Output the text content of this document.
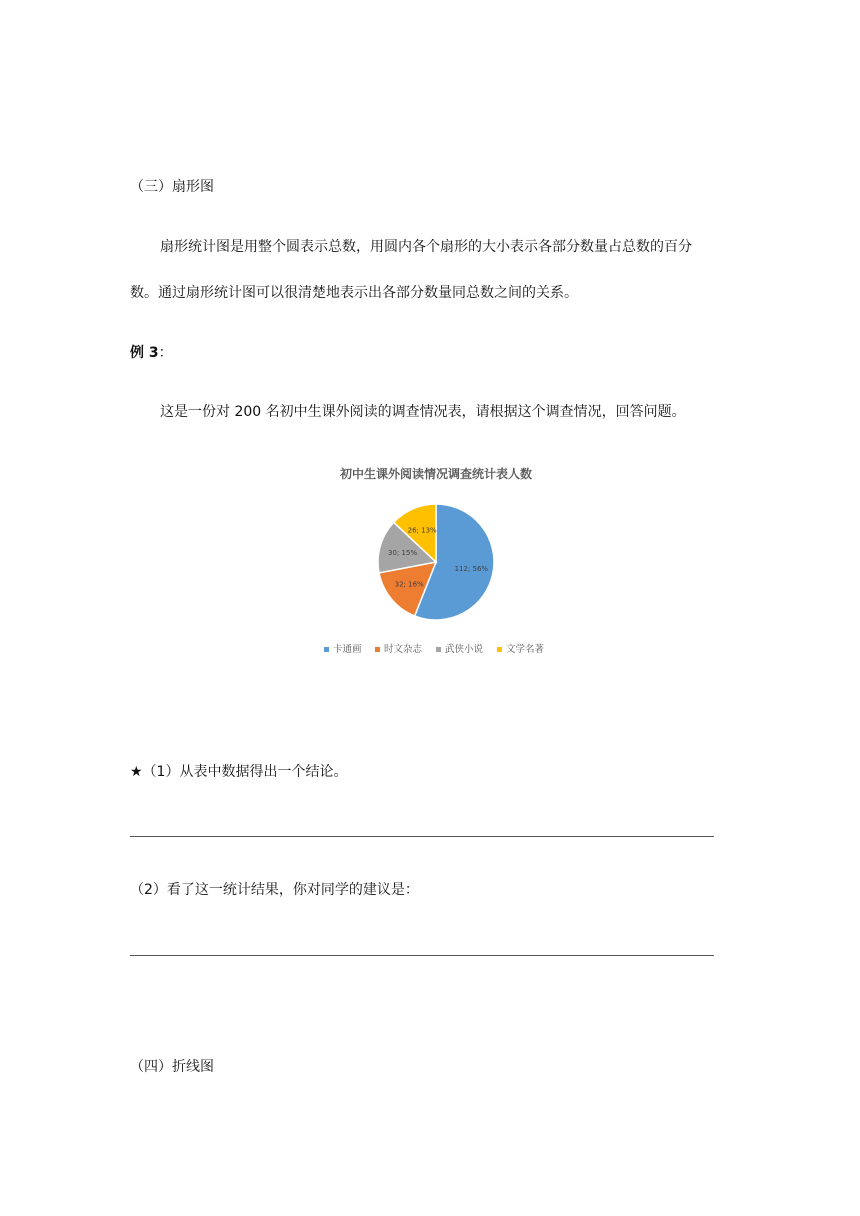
（三）扇形图
扇形统计图是用整个圆表示总数，用圆内各个扇形的大小表示各部分数量占总数的百分
数。通过扇形统计图可以很清楚地表示出各部分数量同总数之间的关系。
例 3：
这是一份对 200 名初中生课外阅读的调查情况表，请根据这个调查情况，回答问题。
初中生课外阅读情况调查统计表人数
112; 56%
32; 16%
30; 15%
26; 13%
卡通画 时文杂志 武侠小说 文学名著
★（1）从表中数据得出一个结论。
（2）看了这一统计结果，你对同学的建议是：
（四）折线图
